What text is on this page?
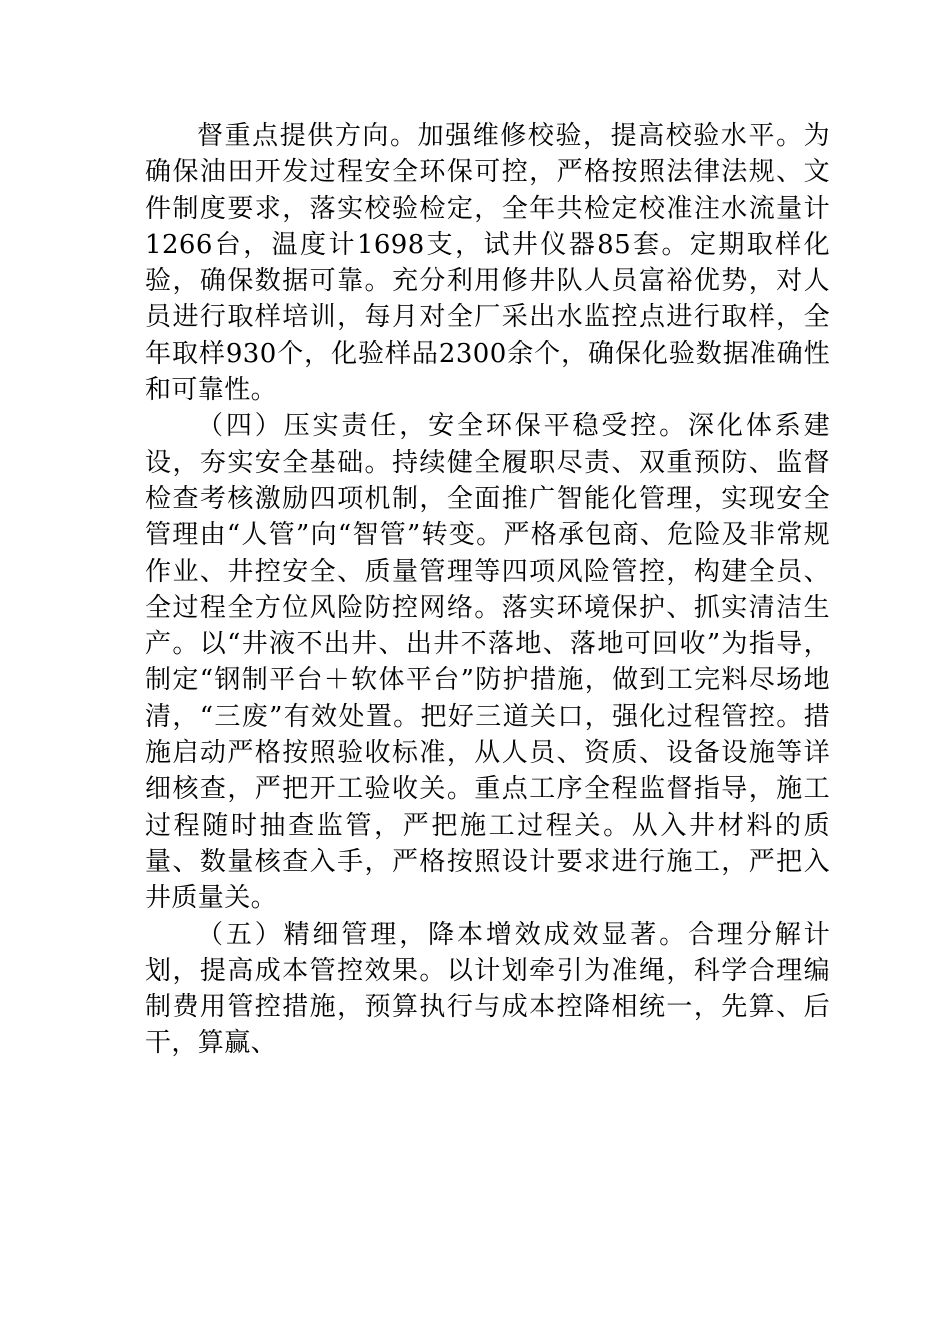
督重点提供方向。加强维修校验，提高校验水平。为确保油田开发过程安全环保可控，严格按照法律法规、文件制度要求，落实校验检定，全年共检定校准注水流量计1266台，温度计1698支，试井仪器85套。定期取样化验，确保数据可靠。充分利用修井队人员富裕优势，对人员进行取样培训，每月对全厂采出水监控点进行取样，全年取样930个，化验样品2300余个，确保化验数据准确性和可靠性。

（四）压实责任，安全环保平稳受控。深化体系建设，夯实安全基础。持续健全履职尽责、双重预防、监督检查考核激励四项机制，全面推广智能化管理，实现安全管理由“人管”向“智管”转变。严格承包商、危险及非常规作业、井控安全、质量管理等四项风险管控，构建全员、全过程全方位风险防控网络。落实环境保护、抓实清洁生产。以“井液不出井、出井不落地、落地可回收”为指导，制定“钢制平台＋软体平台”防护措施，做到工完料尽场地清，“三废”有效处置。把好三道关口，强化过程管控。措施启动严格按照验收标准，从人员、资质、设备设施等详细核查，严把开工验收关。重点工序全程监督指导，施工过程随时抽查监管，严把施工过程关。从入井材料的质量、数量核查入手，严格按照设计要求进行施工，严把入井质量关。

（五）精细管理，降本增效成效显著。合理分解计划，提高成本管控效果。以计划牵引为准绳，科学合理编制费用管控措施，预算执行与成本控降相统一，先算、后干，算赢、
